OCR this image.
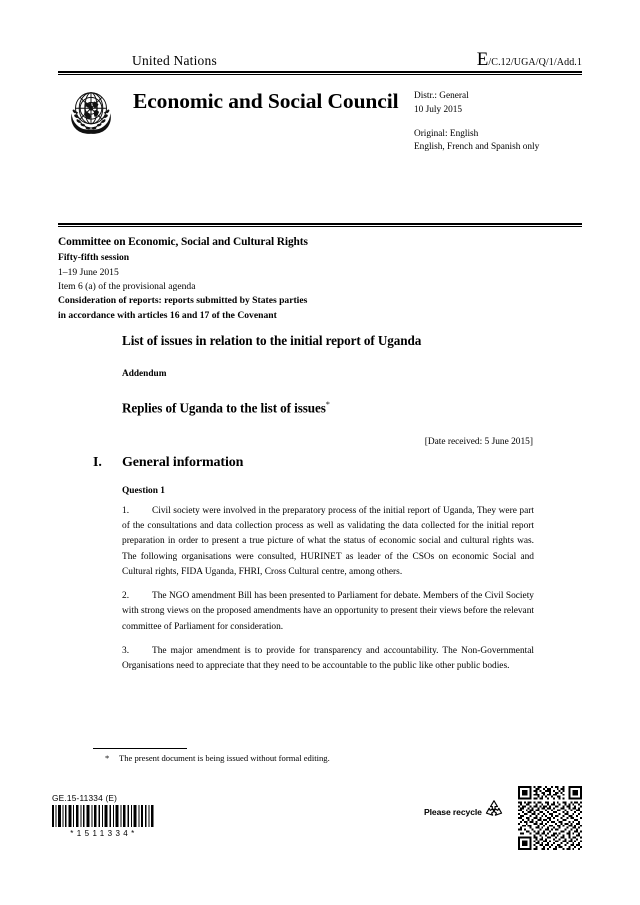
United Nations	E/C.12/UGA/Q/1/Add.1
Economic and Social Council	Distr.: General
10 July 2015
Original: English
English, French and Spanish only
Committee on Economic, Social and Cultural Rights
Fifty-fifth session
1–19 June 2015
Item 6 (a) of the provisional agenda
Consideration of reports: reports submitted by States parties
in accordance with articles 16 and 17 of the Covenant
List of issues in relation to the initial report of Uganda
Addendum
Replies of Uganda to the list of issues*
[Date received: 5 June 2015]
I. General information
Question 1

1. Civil society were involved in the preparatory process of the initial report of Uganda, They were part of the consultations and data collection process as well as validating the data collected for the initial report preparation in order to present a true picture of what the status of economic social and cultural rights was. The following organisations were consulted, HURINET as leader of the CSOs on economic Social and Cultural rights, FIDA Uganda, FHRI, Cross Cultural centre, among others.

2. The NGO amendment Bill has been presented to Parliament for debate. Members of the Civil Society with strong views on the proposed amendments have an opportunity to present their views before the relevant committee of Parliament for consideration.

3. The major amendment is to provide for transparency and accountability. The Non-Governmental Organisations need to appreciate that they need to be accountable to the public like other public bodies.

* The present document is being issued without formal editing.
GE.15-11334 (E)
*1511334*
Please recycle
